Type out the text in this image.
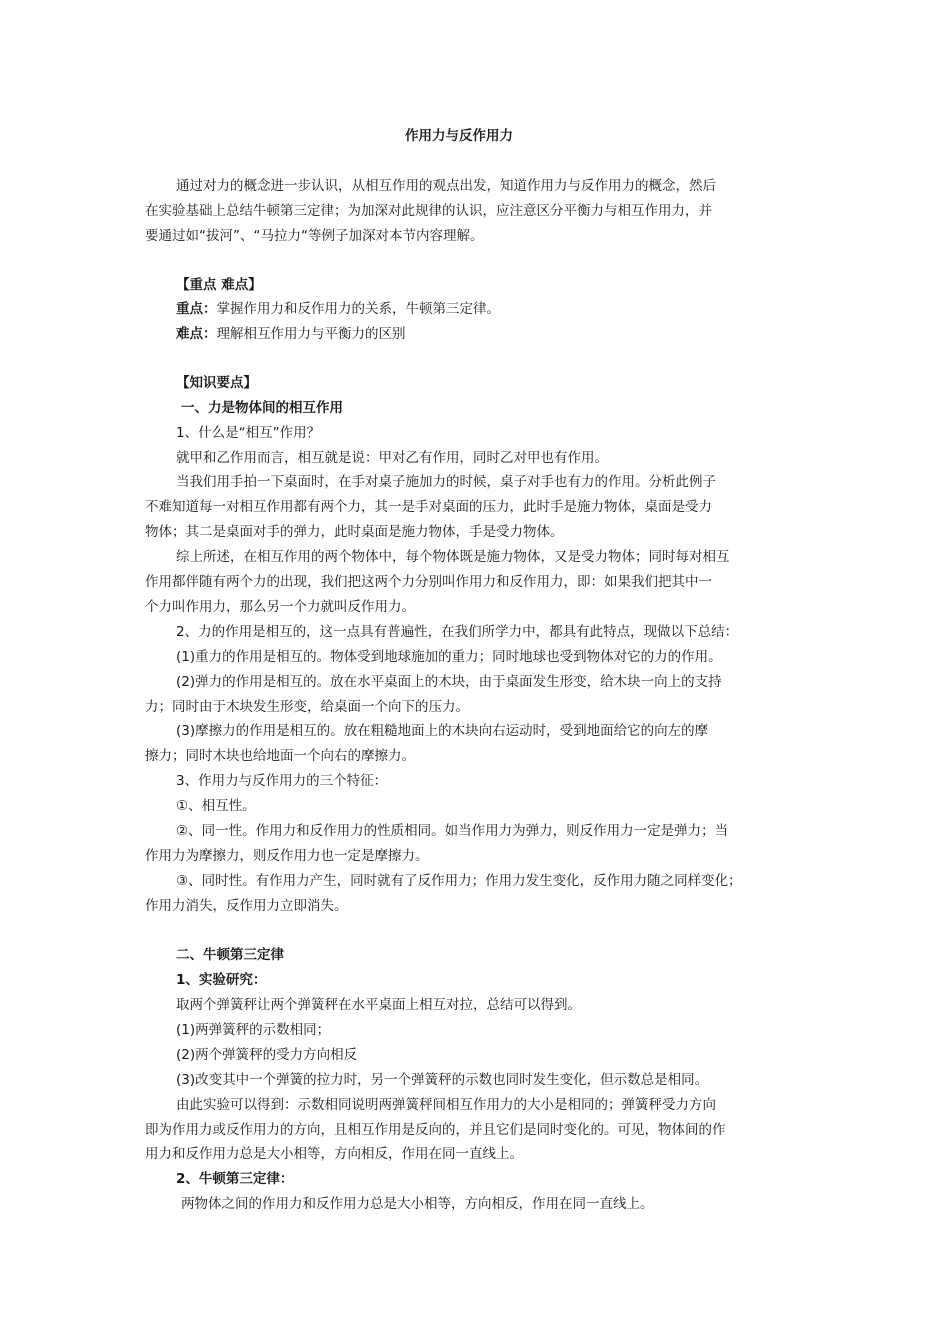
作用力与反作用力

通过对力的概念进一步认识，从相互作用的观点出发，知道作用力与反作用力的概念，然后

在实验基础上总结牛顿第三定律；为加深对此规律的认识，应注意区分平衡力与相互作用力，并

要通过如“拔河”、“马拉力“等例子加深对本节内容理解。

【重点 难点】

重点：掌握作用力和反作用力的关系，牛顿第三定律。

难点：理解相互作用力与平衡力的区别

【知识要点】

一、力是物体间的相互作用

1、什么是“相互”作用？

就甲和乙作用而言，相互就是说：甲对乙有作用，同时乙对甲也有作用。

当我们用手拍一下桌面时，在手对桌子施加力的时候，桌子对手也有力的作用。分析此例子

不难知道每一对相互作用都有两个力，其一是手对桌面的压力，此时手是施力物体，桌面是受力

物体；其二是桌面对手的弹力，此时桌面是施力物体，手是受力物体。

综上所述，在相互作用的两个物体中，每个物体既是施力物体，又是受力物体；同时每对相互

作用都伴随有两个力的出现，我们把这两个力分别叫作用力和反作用力，即：如果我们把其中一

个力叫作用力，那么另一个力就叫反作用力。

2、力的作用是相互的，这一点具有普遍性，在我们所学力中，都具有此特点，现做以下总结：

(1)重力的作用是相互的。物体受到地球施加的重力；同时地球也受到物体对它的力的作用。

(2)弹力的作用是相互的。放在水平桌面上的木块，由于桌面发生形变，给木块一向上的支持

力；同时由于木块发生形变，给桌面一个向下的压力。

(3)摩擦力的作用是相互的。放在粗糙地面上的木块向右运动时，受到地面给它的向左的摩

擦力；同时木块也给地面一个向右的摩擦力。

3、作用力与反作用力的三个特征：

①、相互性。

②、同一性。作用力和反作用力的性质相同。如当作用力为弹力，则反作用力一定是弹力；当

作用力为摩擦力，则反作用力也一定是摩擦力。

③、同时性。有作用力产生，同时就有了反作用力；作用力发生变化，反作用力随之同样变化；

作用力消失，反作用力立即消失。

二、牛顿第三定律

1、实验研究：

取两个弹簧秤让两个弹簧秤在水平桌面上相互对拉，总结可以得到。

(1)两弹簧秤的示数相同；

(2)两个弹簧秤的受力方向相反

(3)改变其中一个弹簧的拉力时，另一个弹簧秤的示数也同时发生变化，但示数总是相同。

由此实验可以得到：示数相同说明两弹簧秤间相互作用力的大小是相同的；弹簧秤受力方向

即为作用力或反作用力的方向，且相互作用是反向的，并且它们是同时变化的。可见，物体间的作

用力和反作用力总是大小相等，方向相反，作用在同一直线上。

2、牛顿第三定律：

两物体之间的作用力和反作用力总是大小相等，方向相反，作用在同一直线上。
